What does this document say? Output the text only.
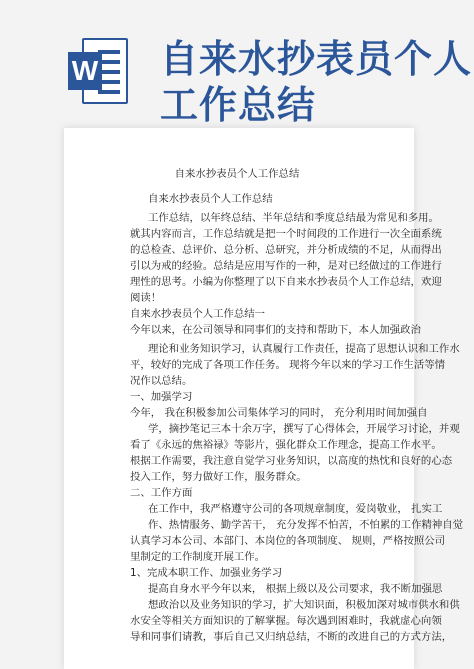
W 自来水抄表员个人
工作总结
自来水抄表员个人工作总结
自来水抄表员个人工作总结
工作总结，以年终总结、半年总结和季度总结最为常见和多用。
就其内容而言，工作总结就是把一个时间段的工作进行一次全面系统
的总检查、总评价、总分析、总研究，并分析成绩的不足，从而得出
引以为戒的经验。总结是应用写作的一种，是对已经做过的工作进行
理性的思考。小编为你整理了以下自来水抄表员个人工作总结，欢迎
阅读！
自来水抄表员个人工作总结一
今年以来，在公司领导和同事们的支持和帮助下，本人加强政治
理论和业务知识学习，认真履行工作责任，提高了思想认识和工作水
平，较好的完成了各项工作任务。 现将今年以来的学习工作生活等情
况作以总结。
一、加强学习
今年， 我在积极参加公司集体学习的同时， 充分利用时间加强自
学，摘抄笔记三本十余万字，撰写了心得体会，开展学习讨论，并观
看了《永远的焦裕禄》等影片，强化群众工作理念，提高工作水平。
根据工作需要，我注意自觉学习业务知识，以高度的热忱和良好的心态
投入工作，努力做好工作，服务群众。
二、工作方面
在工作中，我严格遵守公司的各项规章制度，爱岗敬业， 扎实工
作、热情服务、勤学苦干， 充分发挥不怕苦，不怕累的工作精神自觉
认真学习本公司、本部门、本岗位的各项制度、 规则，严格按照公司
里制定的工作制度开展工作。
1、完成本职工作、加强业务学习
提高自身水平今年以来， 根据上级以及公司要求，我不断加强思
想政治以及业务知识的学习，扩大知识面，积极加深对城市供水和供
水安全等相关方面知识的了解掌握。每次遇到困难时，我就虚心向领
导和同事们请教，事后自己又归纳总结，不断的改进自己的方式方法，
